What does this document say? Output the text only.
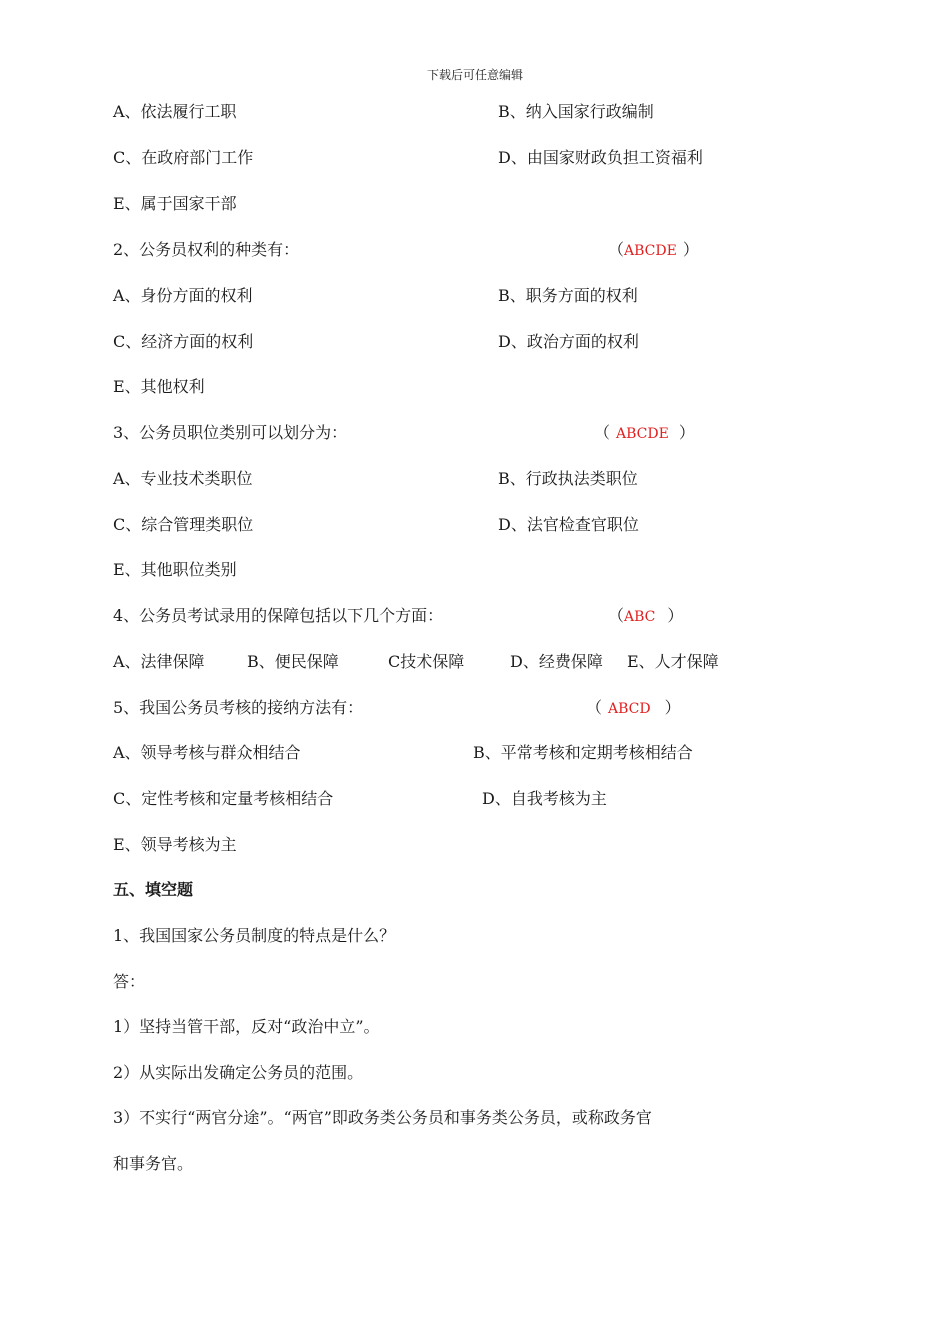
下载后可任意编辑
A、依法履行工职	B、纳入国家行政编制
C、在政府部门工作	D、由国家财政负担工资福利
E、属于国家干部
2、公务员权利的种类有：	（ABCDE ）
A、身份方面的权利	B、职务方面的权利
C、经济方面的权利	D、政治方面的权利
E、其他权利
3、公务员职位类别可以划分为：	（ ABCDE ）
A、专业技术类职位	B、行政执法类职位
C、综合管理类职位	D、法官检查官职位
E、其他职位类别
4、公务员考试录用的保障包括以下几个方面：	（ABC ）
A、法律保障	B、便民保障	C技术保障	D、经费保障 E、人才保障
5、我国公务员考核的接纳方法有：	（ ABCD ）
A、领导考核与群众相结合	B、平常考核和定期考核相结合
C、定性考核和定量考核相结合	D、自我考核为主
E、领导考核为主
五、填空题
1、我国国家公务员制度的特点是什么？
答：
1）坚持当管干部，反对“政治中立”。
2）从实际出发确定公务员的范围。
3）不实行“两官分途”。“两官”即政务类公务员和事务类公务员，或称政务官
和事务官。
